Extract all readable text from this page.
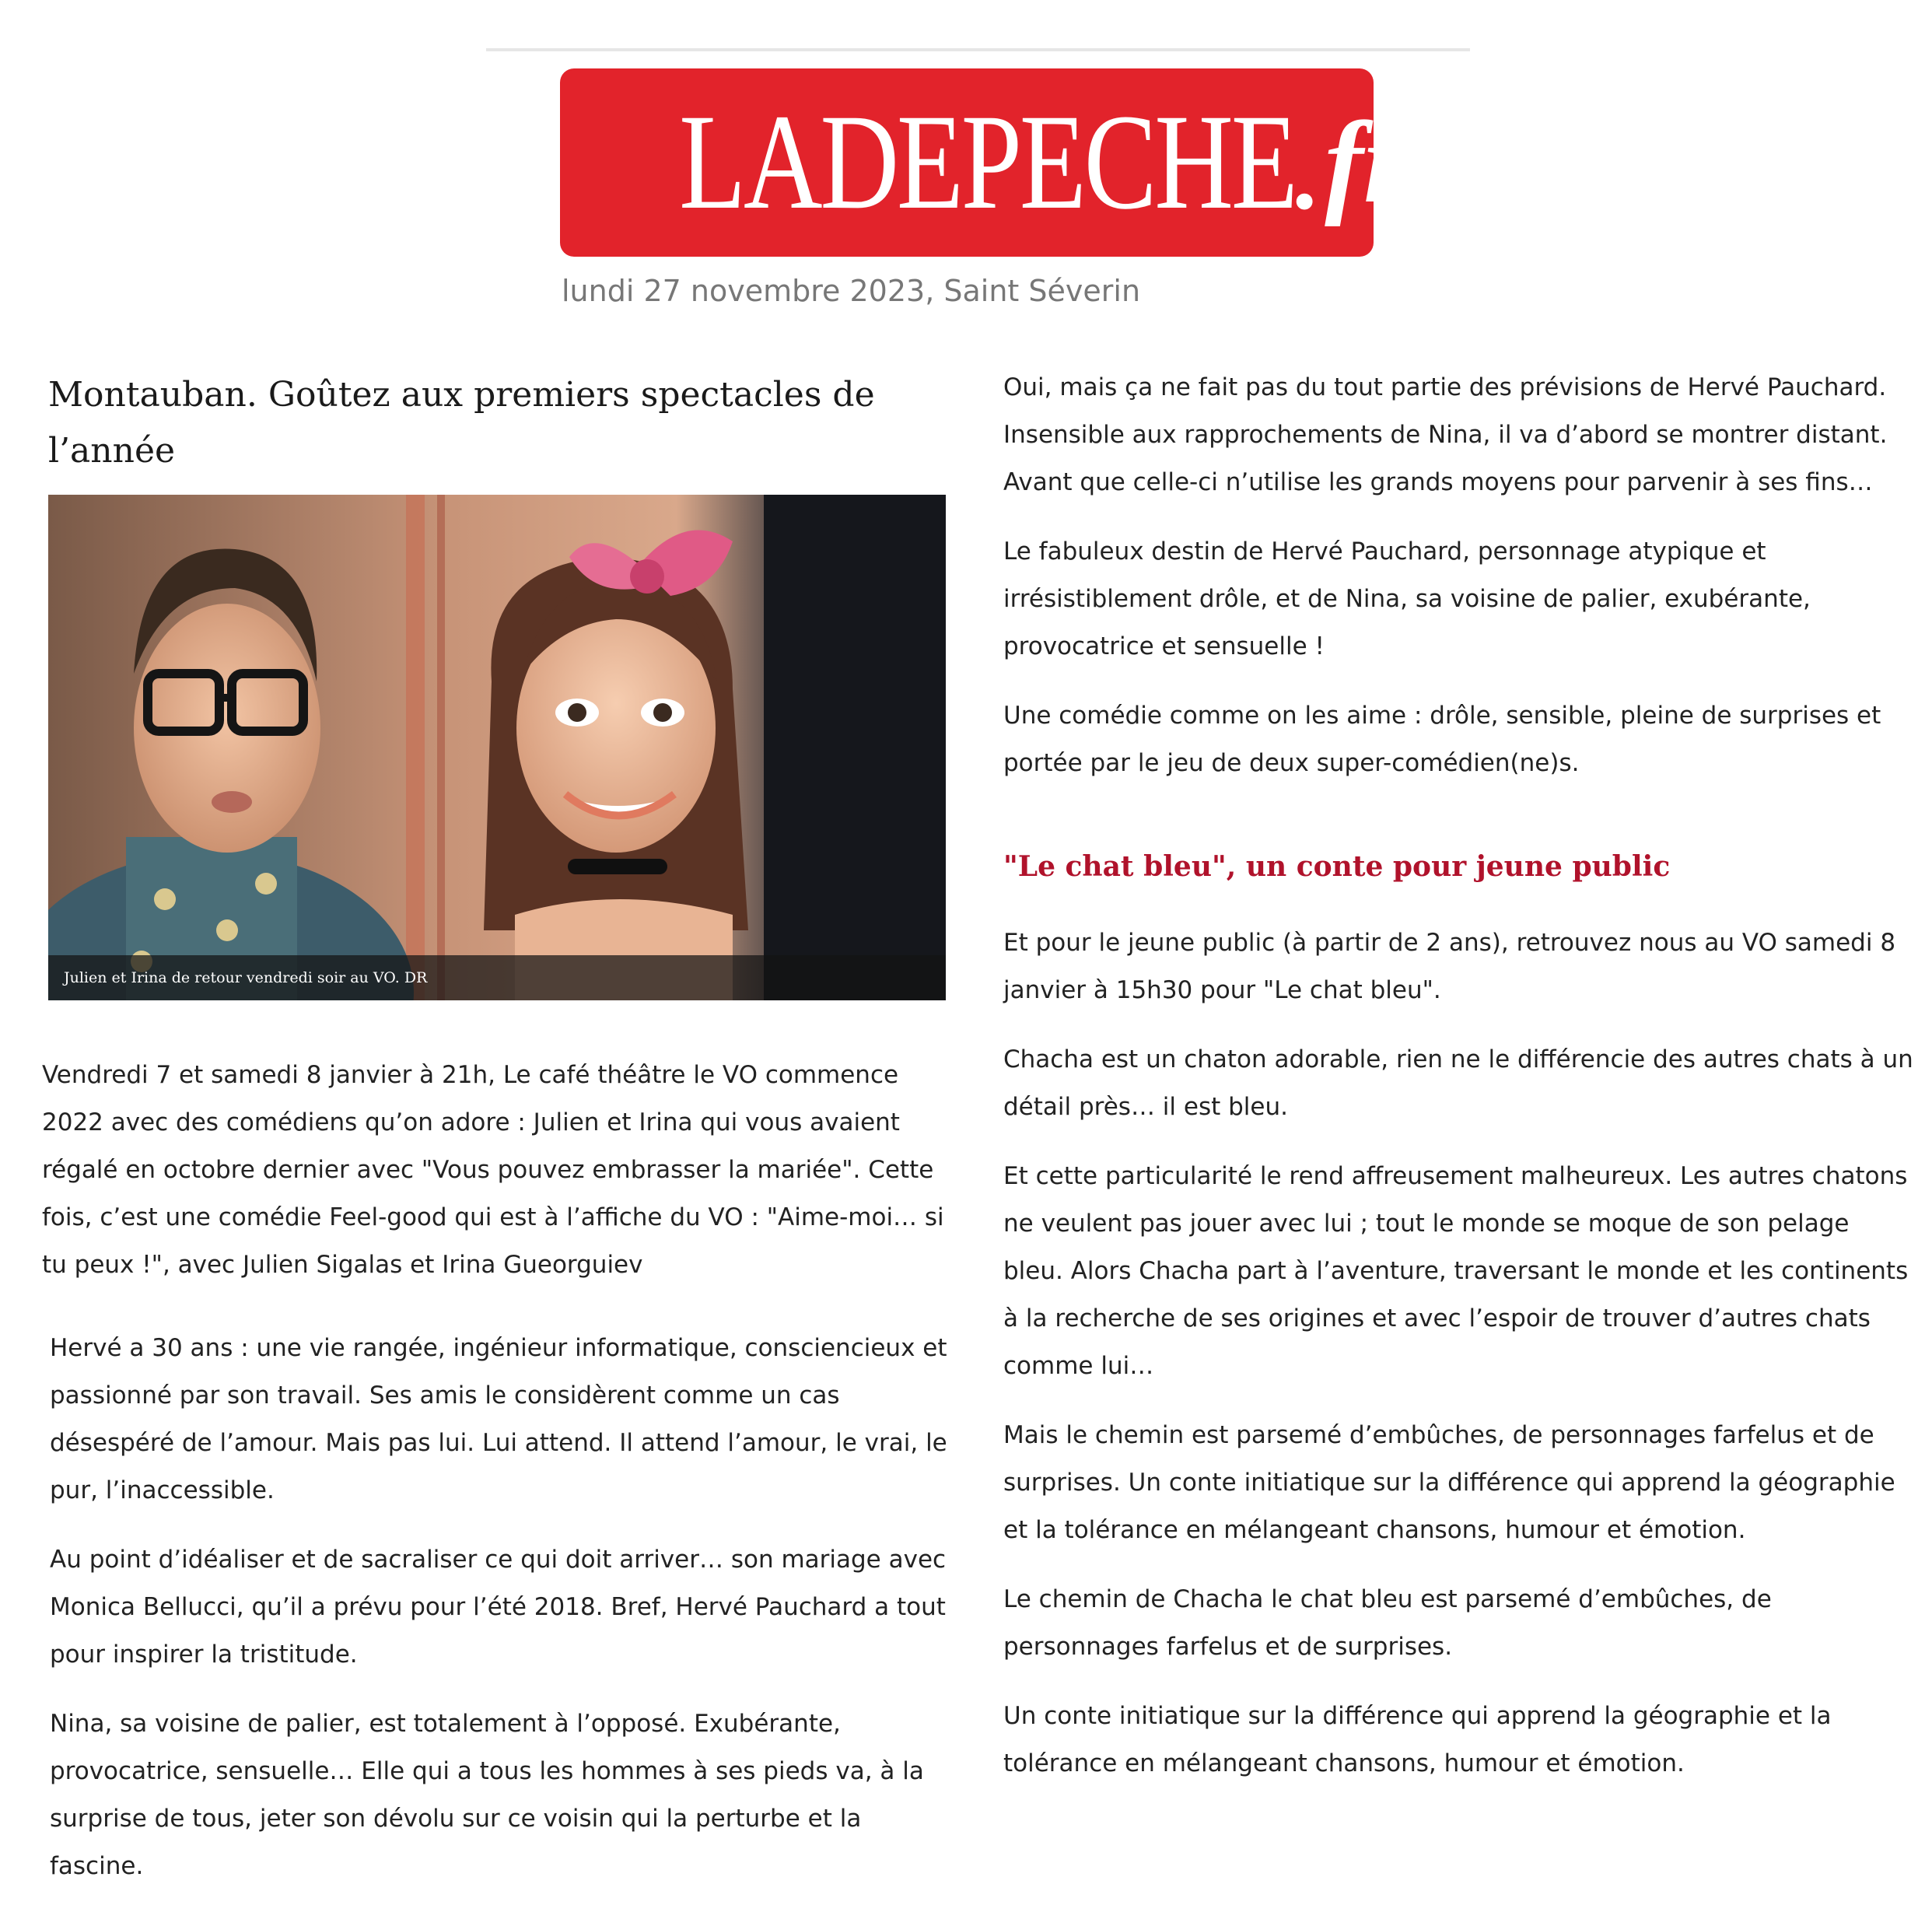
LADEPECHE
. fr
lundi 27 novembre 2023, Saint Séverin
Montauban. Goûtez aux premiers spectacles de l’année
Julien et Irina de retour vendredi soir au VO. DR

Vendredi 7 et samedi 8 janvier à 21h, Le café théâtre le VO commence 2022 avec des comédiens qu’on adore : Julien et Irina qui vous avaient régalé en octobre dernier avec "Vous pouvez embrasser la mariée". Cette fois, c’est une comédie Feel-good qui est à l’affiche du VO : "Aime-moi… si tu peux !", avec Julien Sigalas et Irina Gueorguiev

Hervé a 30 ans : une vie rangée, ingénieur informatique, consciencieux et passionné par son travail. Ses amis le considèrent comme un cas désespéré de l’amour. Mais pas lui. Lui attend. Il attend l’amour, le vrai, le pur, l’inaccessible.

Au point d’idéaliser et de sacraliser ce qui doit arriver… son mariage avec Monica Bellucci, qu’il a prévu pour l’été 2018. Bref, Hervé Pauchard a tout pour inspirer la tristitude.

Nina, sa voisine de palier, est totalement à l’opposé. Exubérante, provocatrice, sensuelle… Elle qui a tous les hommes à ses pieds va, à la surprise de tous, jeter son dévolu sur ce voisin qui la perturbe et la fascine.

Oui, mais ça ne fait pas du tout partie des prévisions de Hervé Pauchard. Insensible aux rapprochements de Nina, il va d’abord se montrer distant. Avant que celle-ci n’utilise les grands moyens pour parvenir à ses fins…

Le fabuleux destin de Hervé Pauchard, personnage atypique et irrésistiblement drôle, et de Nina, sa voisine de palier, exubérante, provocatrice et sensuelle !

Une comédie comme on les aime : drôle, sensible, pleine de surprises et portée par le jeu de deux super-comédien(ne)s.

"Le chat bleu", un conte pour jeune public

Et pour le jeune public (à partir de 2 ans), retrouvez nous au VO samedi 8 janvier à 15h30 pour "Le chat bleu".

Chacha est un chaton adorable, rien ne le différencie des autres chats à un détail près… il est bleu.

Et cette particularité le rend affreusement malheureux. Les autres chatons ne veulent pas jouer avec lui ; tout le monde se moque de son pelage bleu. Alors Chacha part à l’aventure, traversant le monde et les continents à la recherche de ses origines et avec l’espoir de trouver d’autres chats comme lui…

Mais le chemin est parsemé d’embûches, de personnages farfelus et de surprises. Un conte initiatique sur la différence qui apprend la géographie et la tolérance en mélangeant chansons, humour et émotion.

Le chemin de Chacha le chat bleu est parsemé d’embûches, de personnages farfelus et de surprises.

Un conte initiatique sur la différence qui apprend la géographie et la tolérance en mélangeant chansons, humour et émotion.
